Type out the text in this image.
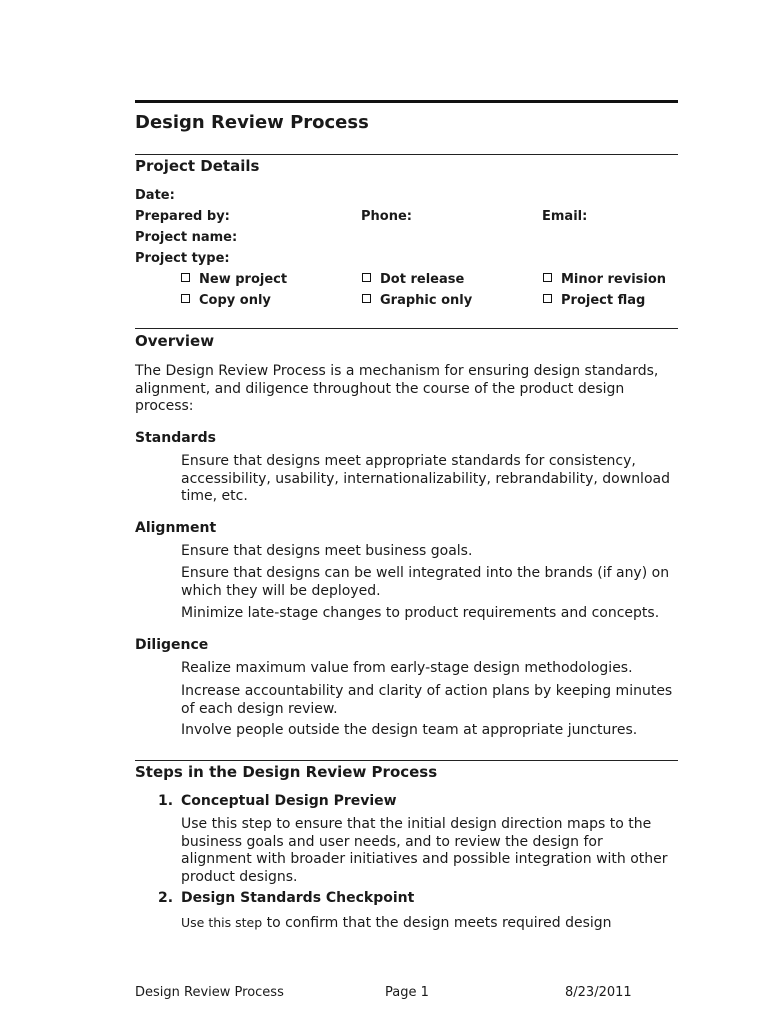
Design Review Process
Project Details
Date:
Prepared by:	Phone:	Email:
Project name:
Project type:
New project	Dot release	Minor revision
Copy only	Graphic only	Project flag
Overview
The Design Review Process is a mechanism for ensuring design standards, alignment, and diligence throughout the course of the product design process:
Standards
Ensure that designs meet appropriate standards for consistency, accessibility, usability, internationalizability, rebrandability, download time, etc.
Alignment
Ensure that designs meet business goals.
Ensure that designs can be well integrated into the brands (if any) on which they will be deployed.
Minimize late-stage changes to product requirements and concepts.
Diligence
Realize maximum value from early-stage design methodologies.
Increase accountability and clarity of action plans by keeping minutes of each design review.
Involve people outside the design team at appropriate junctures.
Steps in the Design Review Process
1. Conceptual Design Preview
Use this step to ensure that the initial design direction maps to the business goals and user needs, and to review the design for alignment with broader initiatives and possible integration with other product designs.
2. Design Standards Checkpoint
Use this step to confirm that the design meets required design
Design Review Process	Page 1	8/23/2011
